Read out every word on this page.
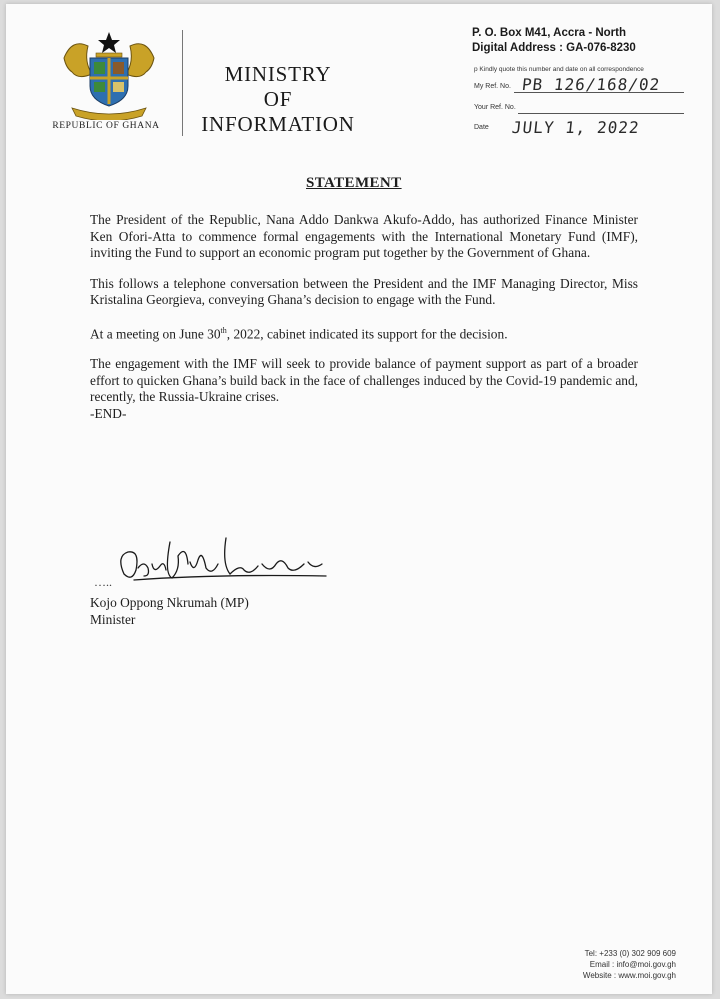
REPUBLIC OF GHANA
MINISTRY
OF
INFORMATION
P. O. Box M41, Accra - North
Digital Address : GA-076-8230
p Kindly quote this number and date on all correspondence
My Ref. No. PB 126/168/02
Your Ref. No.
Date JULY 1, 2022
STATEMENT

The President of the Republic, Nana Addo Dankwa Akufo-Addo, has authorized Finance Minister Ken Ofori-Atta to commence formal engagements with the International Monetary Fund (IMF), inviting the Fund to support an economic program put together by the Government of Ghana.

This follows a telephone conversation between the President and the IMF Managing Director, Miss Kristalina Georgieva, conveying Ghana’s decision to engage with the Fund.

At a meeting on June 30th, 2022, cabinet indicated its support for the decision.

The engagement with the IMF will seek to provide balance of payment support as part of a broader effort to quicken Ghana’s build back in the face of challenges induced by the Covid-19 pandemic and, recently, the Russia-Ukraine crises.

-END-
…..
Kojo Oppong Nkrumah (MP)
Minister
Tel: +233 (0) 302 909 609
Email : info@moi.gov.gh
Website : www.moi.gov.gh
